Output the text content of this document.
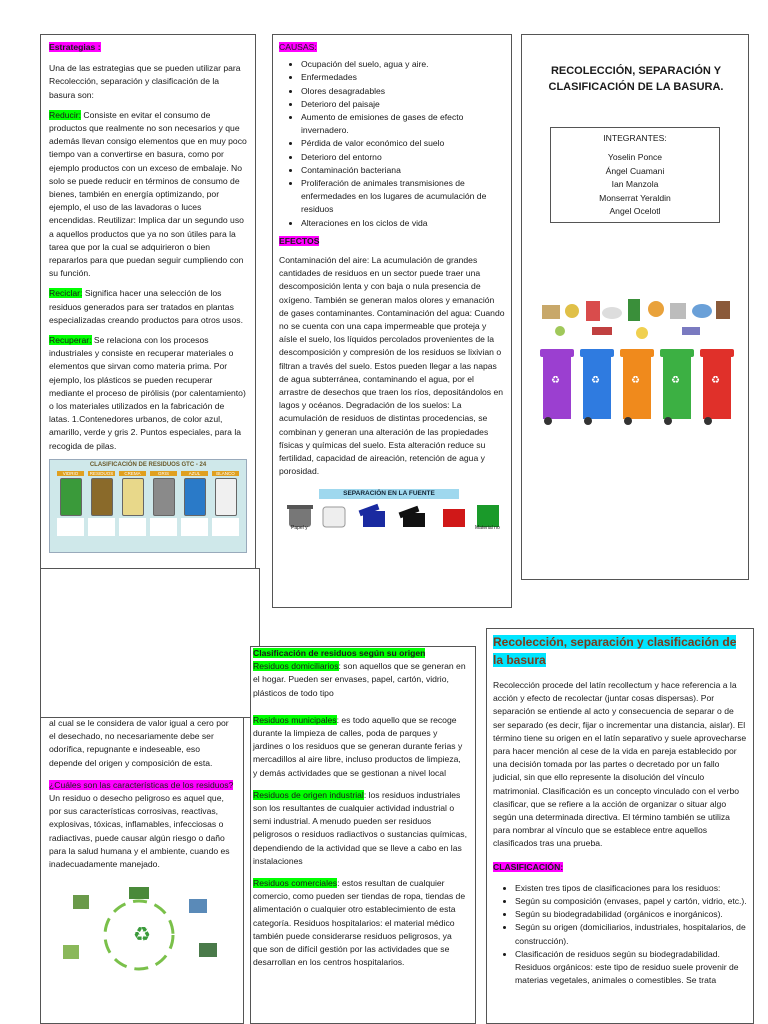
Estrategias :

Una de las estrategias que se pueden utilizar para Recolección, separación y clasificación de la basura son:

Reducir: Consiste en evitar el consumo de productos que realmente no son necesarios y que además llevan consigo elementos que en muy poco tiempo van a convertirse en basura, como por ejemplo productos con un exceso de embalaje. No solo se puede reducir en términos de consumo de bienes, también en energía optimizando, por ejemplo, el uso de las lavadoras o luces encendidas. Reutilizar: Implica dar un segundo uso a aquellos productos que ya no son útiles para la tarea que por la cual se adquirieron o bien repararlos para que puedan seguir cumpliendo con su función.

Reciclar: Significa hacer una selección de los residuos generados para ser tratados en plantas especializadas creando productos para otros usos.

Recuperar: Se relaciona con los procesos industriales y consiste en recuperar materiales o elementos que sirvan como materia prima. Por ejemplo, los plásticos se pueden recuperar mediante el proceso de pirólisis (por calentamiento) o los materiales utilizados en la fabricación de latas. 1.Contenedores urbanos, de color azul, amarillo, verde y gris 2. Puntos especiales, para la recogida de pilas.

CLASIFICACIÓN DE RESIDUOS GTC - 24
VIDRIO	RESIDUOS	CREMA	GRIS	AZUL	BLANCO

CAUSAS:

• Ocupación del suelo, agua y aire.
• Enfermedades
• Olores desagradables
• Deterioro del paisaje
• Aumento de emisiones de gases de efecto invernadero.
• Pérdida de valor económico del suelo
• Deterioro del entorno
• Contaminación bacteriana
• Proliferación de animales transmisiones de enfermedades en los lugares de acumulación de residuos
• Alteraciones en los ciclos de vida

EFECTOS

Contaminación del aire: La acumulación de grandes cantidades de residuos en un sector puede traer una descomposición lenta y con baja o nula presencia de oxígeno. También se generan malos olores y emanación de gases contaminantes. Contaminación del agua: Cuando no se cuenta con una capa impermeable que proteja y aísle el suelo, los líquidos percolados provenientes de la descomposición y compresión de los residuos se lixivian o filtran a través del suelo. Estos pueden llegar a las napas de agua subterránea, contaminando el agua, por el arrastre de desechos que traen los ríos, depositándolos en lagos y océanos. Degradación de los suelos: La acumulación de residuos de distintas procedencias, se combinan y generan una alteración de las propiedades físicas y químicas del suelo. Esta alteración reduce su fertilidad, capacidad de aireación, retención de agua y porosidad.

SEPARACIÓN EN LA FUENTE
Papel y	Material no
RECOLECCIÓN, SEPARACIÓN Y CLASIFICACIÓN DE LA BASURA.
INTEGRANTES:
Yoselin Ponce
Ángel Cuamani
Ian Manzola
Monserrat Yeraldin
Angel Ocelotl
♻	♻	♻	♻	♻

al cual se le considera de valor igual a cero por el desechado, no necesariamente debe ser odorífica, repugnante e indeseable, eso depende del origen y composición de esta.

¿Cuáles son las características de los residuos? Un residuo o desecho peligroso es aquel que, por sus características corrosivas, reactivas, explosivas, tóxicas, inflamables, infecciosas o radiactivas, puede causar algún riesgo o daño para la salud humana y el ambiente, cuando es inadecuadamente manejado.

♻

Clasificación de residuos según su origen

Residuos domiciliarios: son aquellos que se generan en el hogar. Pueden ser envases, papel, cartón, vidrio, plásticos de todo tipo

Residuos municipales: es todo aquello que se recoge durante la limpieza de calles, poda de parques y jardines o los residuos que se generan durante ferias y mercadillos al aire libre, incluso productos de limpieza, y demás actividades que se gestionan a nivel local

Residuos de origen industrial: los residuos industriales son los resultantes de cualquier actividad industrial o semi industrial. A menudo pueden ser residuos peligrosos o residuos radiactivos o sustancias químicas, dependiendo de la actividad que se lleve a cabo en las instalaciones

Residuos comerciales: estos resultan de cualquier comercio, como pueden ser tiendas de ropa, tiendas de alimentación o cualquier otro establecimiento de esta categoría. Residuos hospitalarios: el material médico también puede considerarse residuos peligrosos, ya que son de difícil gestión por las actividades que se desarrollan en los centros hospitalarios.

Recolección, separación y clasificación de la basura

Recolección procede del latín recollectum y hace referencia a la acción y efecto de recolectar (juntar cosas dispersas). Por separación se entiende al acto y consecuencia de separar o de ser separado (es decir, fijar o incrementar una distancia, aislar). El término tiene su origen en el latín separativo y suele aprovecharse para hacer mención al cese de la vida en pareja establecido por una decisión tomada por las partes o decretado por un fallo judicial, sin que ello represente la disolución del vínculo matrimonial. Clasificación es un concepto vinculado con el verbo clasificar, que se refiere a la acción de organizar o situar algo según una determinada directiva. El término también se utiliza para nombrar al vínculo que se establece entre aquellos clasificados tras una prueba.

CLASIFICACIÓN:

• Existen tres tipos de clasificaciones para los residuos:
• Según su composición (envases, papel y cartón, vidrio, etc.).
• Según su biodegradabilidad (orgánicos e inorgánicos).
• Según su origen (domiciliarios, industriales, hospitalarios, de construcción).
• Clasificación de residuos según su biodegradabilidad. Residuos orgánicos: este tipo de residuo suele provenir de materias vegetales, animales o comestibles. Se trata
